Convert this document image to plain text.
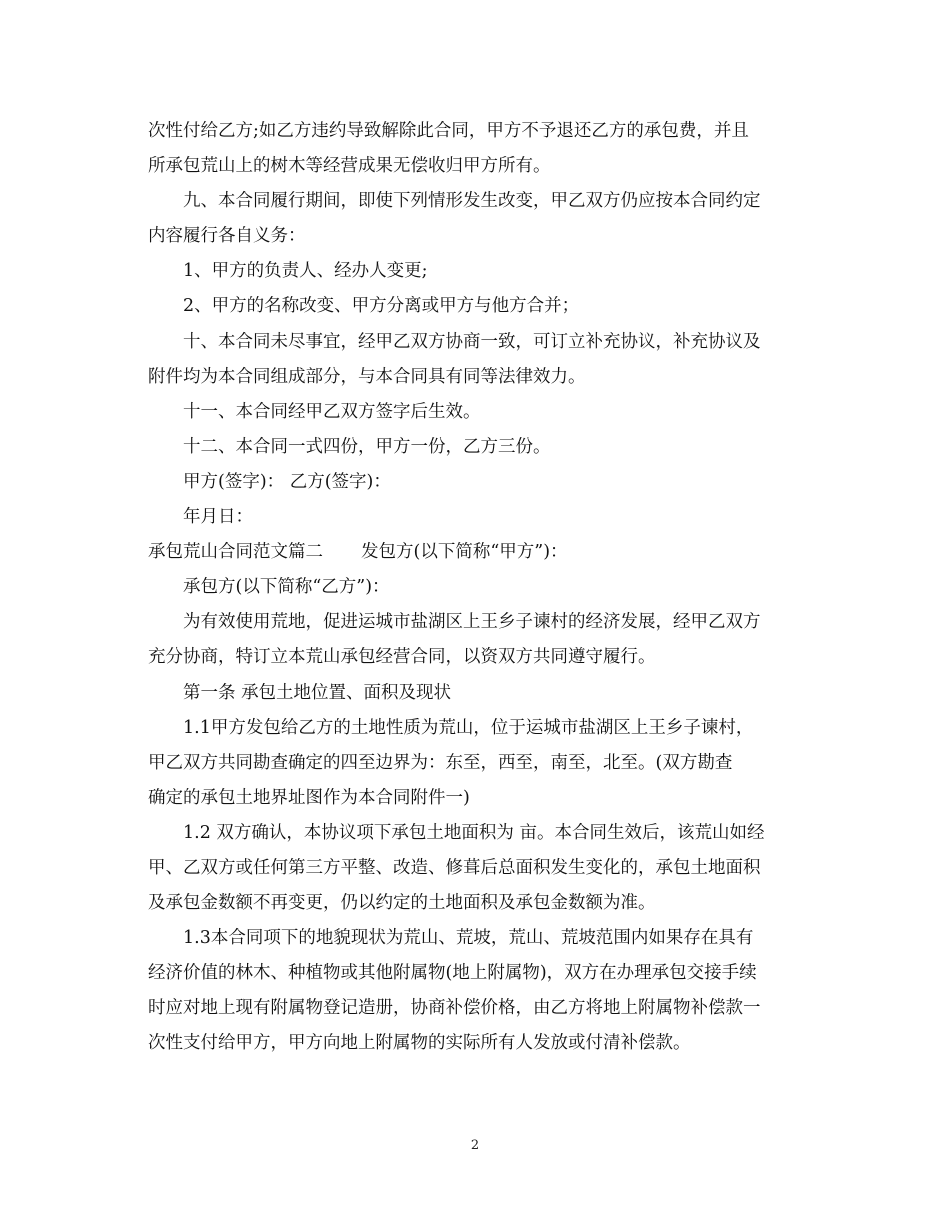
次性付给乙方;如乙方违约导致解除此合同，甲方不予退还乙方的承包费，并且

所承包荒山上的树木等经营成果无偿收归甲方所有。

九、本合同履行期间，即使下列情形发生改变，甲乙双方仍应按本合同约定

内容履行各自义务：

1、甲方的负责人、经办人变更;

2、甲方的名称改变、甲方分离或甲方与他方合并；

十、本合同未尽事宜，经甲乙双方协商一致，可订立补充协议，补充协议及

附件均为本合同组成部分，与本合同具有同等法律效力。

十一、本合同经甲乙双方签字后生效。

十二、本合同一式四份，甲方一份，乙方三份。

甲方(签字)： 乙方(签字)：

年月日：

承包荒山合同范文篇二 发包方(以下简称“甲方”)：

承包方(以下简称“乙方”)：

为有效使用荒地，促进运城市盐湖区上王乡子谏村的经济发展，经甲乙双方

充分协商，特订立本荒山承包经营合同，以资双方共同遵守履行。

第一条 承包土地位置、面积及现状

1.1甲方发包给乙方的土地性质为荒山，位于运城市盐湖区上王乡子谏村，

甲乙双方共同勘查确定的四至边界为：东至，西至，南至，北至。(双方勘查

确定的承包土地界址图作为本合同附件一)

1.2 双方确认，本协议项下承包土地面积为 亩。本合同生效后，该荒山如经

甲、乙双方或任何第三方平整、改造、修葺后总面积发生变化的，承包土地面积

及承包金数额不再变更，仍以约定的土地面积及承包金数额为准。

1.3本合同项下的地貌现状为荒山、荒坡，荒山、荒坡范围内如果存在具有

经济价值的林木、种植物或其他附属物(地上附属物)，双方在办理承包交接手续

时应对地上现有附属物登记造册，协商补偿价格，由乙方将地上附属物补偿款一

次性支付给甲方，甲方向地上附属物的实际所有人发放或付清补偿款。

2
